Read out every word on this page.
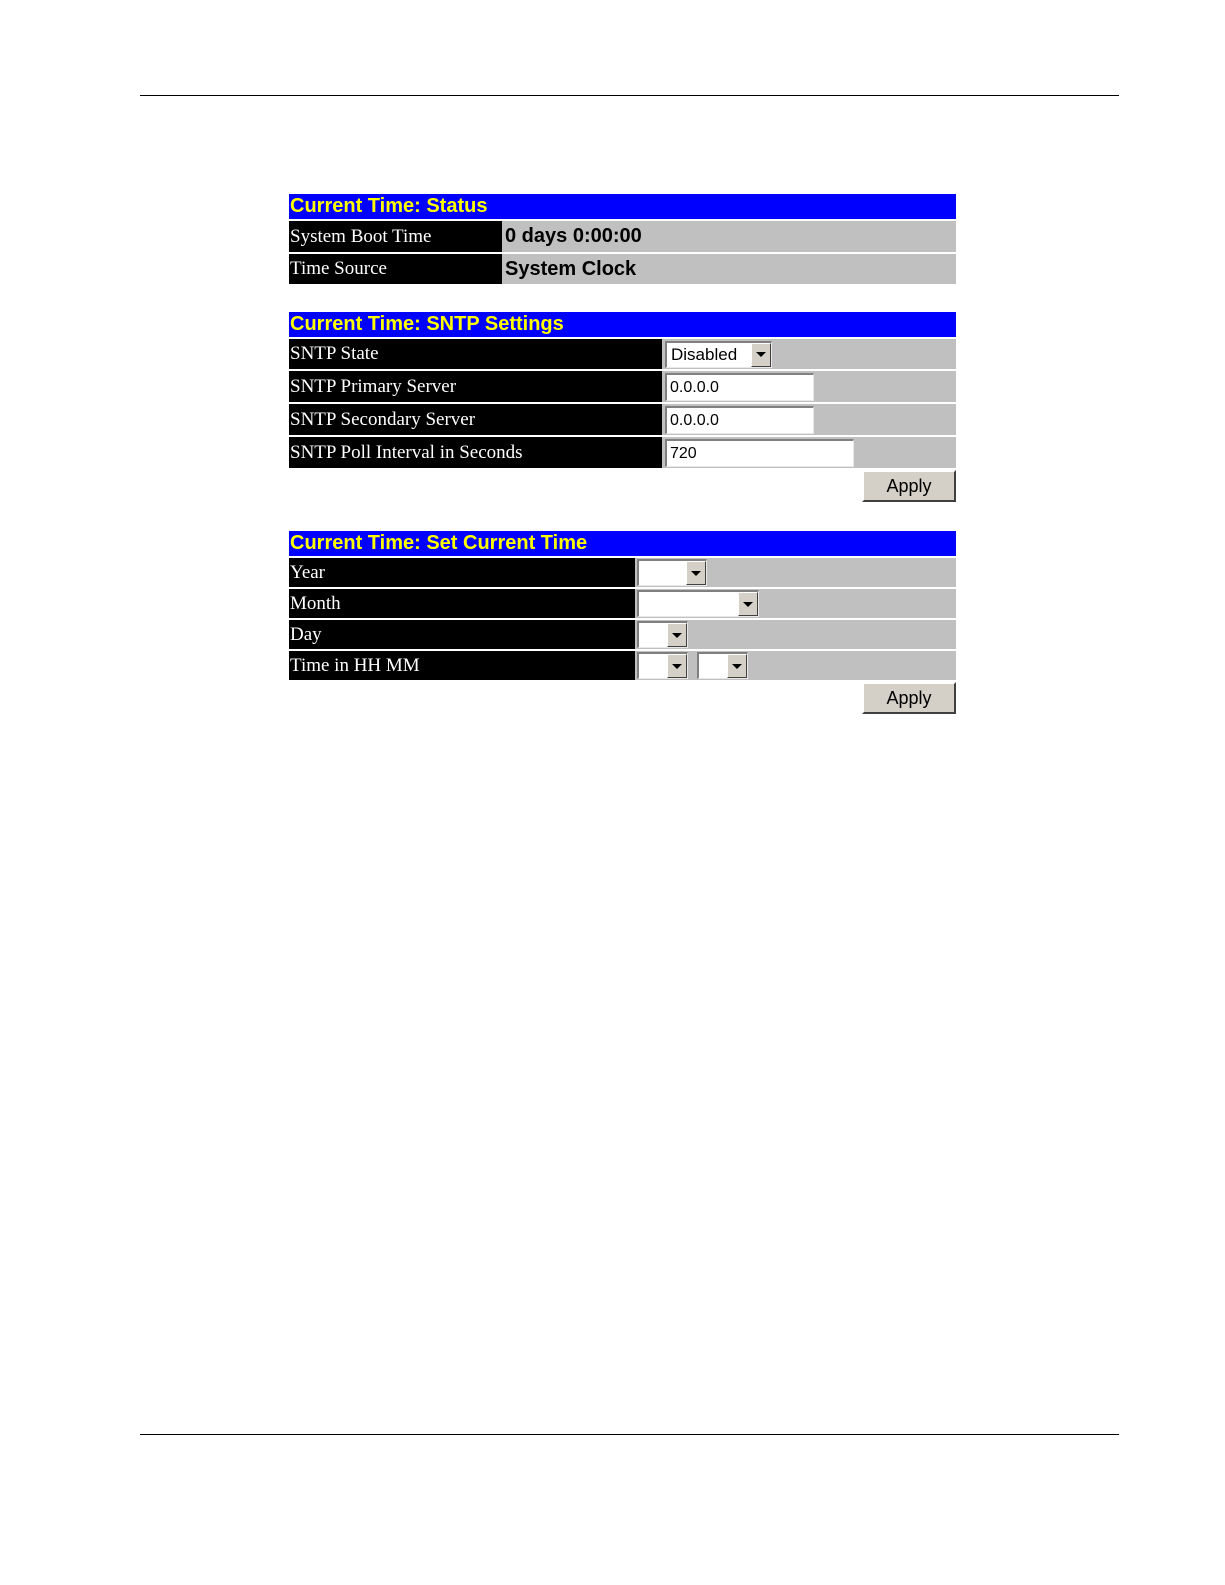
Current Time: Status
System Boot Time	0 days 0:00:00
Time Source	System Clock
Current Time: SNTP Settings
SNTP State	Disabled
SNTP Primary Server	0.0.0.0
SNTP Secondary Server	0.0.0.0
SNTP Poll Interval in Seconds	720
Apply
Current Time: Set Current Time
Year
Month
Day
Time in HH MM
Apply
